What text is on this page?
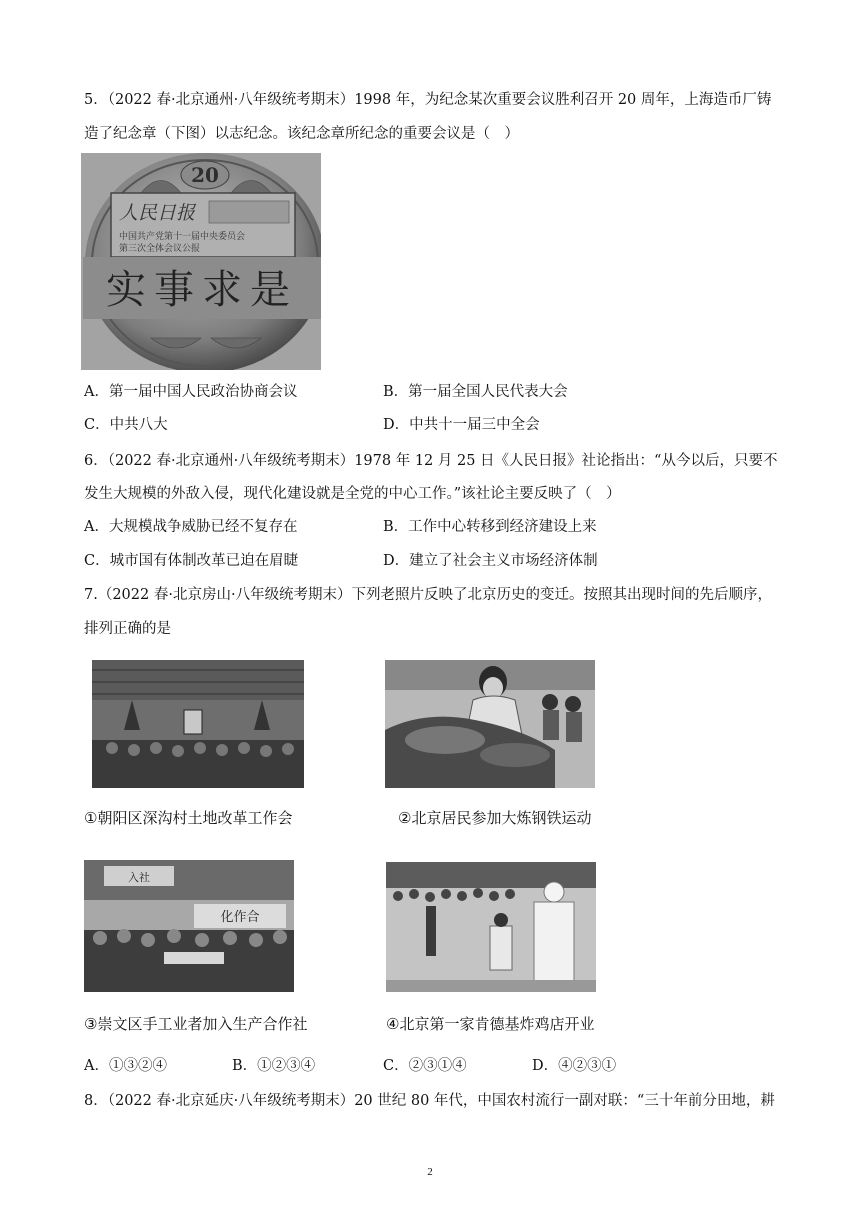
5．（2022 春·北京通州·八年级统考期末）1998 年，为纪念某次重要会议胜利召开 20 周年，上海造币厂铸
造了纪念章（下图）以志纪念。该纪念章所纪念的重要会议是（　）
20
人民日报
中国共产党第十一届中央委员会
第三次全体会议公报
实事求是
A．第一届中国人民政治协商会议	B．第一届全国人民代表大会
C．中共八大	D．中共十一届三中全会
6．（2022 春·北京通州·八年级统考期末）1978 年 12 月 25 日《人民日报》社论指出：“从今以后，只要不
发生大规模的外敌入侵，现代化建设就是全党的中心工作。”该社论主要反映了（　）
A．大规模战争威胁已经不复存在	B．工作中心转移到经济建设上来
C．城市国有体制改革已迫在眉睫	D．建立了社会主义市场经济体制
7.（2022 春·北京房山·八年级统考期末）下列老照片反映了北京历史的变迁。按照其出现时间的先后顺序，
排列正确的是
①朝阳区深沟村土地改革工作会	②北京居民参加大炼钢铁运动
入社
化作合
③崇文区手工业者加入生产合作社	④北京第一家肯德基炸鸡店开业
A．①③②④	B．①②③④	C．②③①④	D．④②③①
8．（2022 春·北京延庆·八年级统考期末）20 世纪 80 年代，中国农村流行一副对联：“三十年前分田地，耕
2
